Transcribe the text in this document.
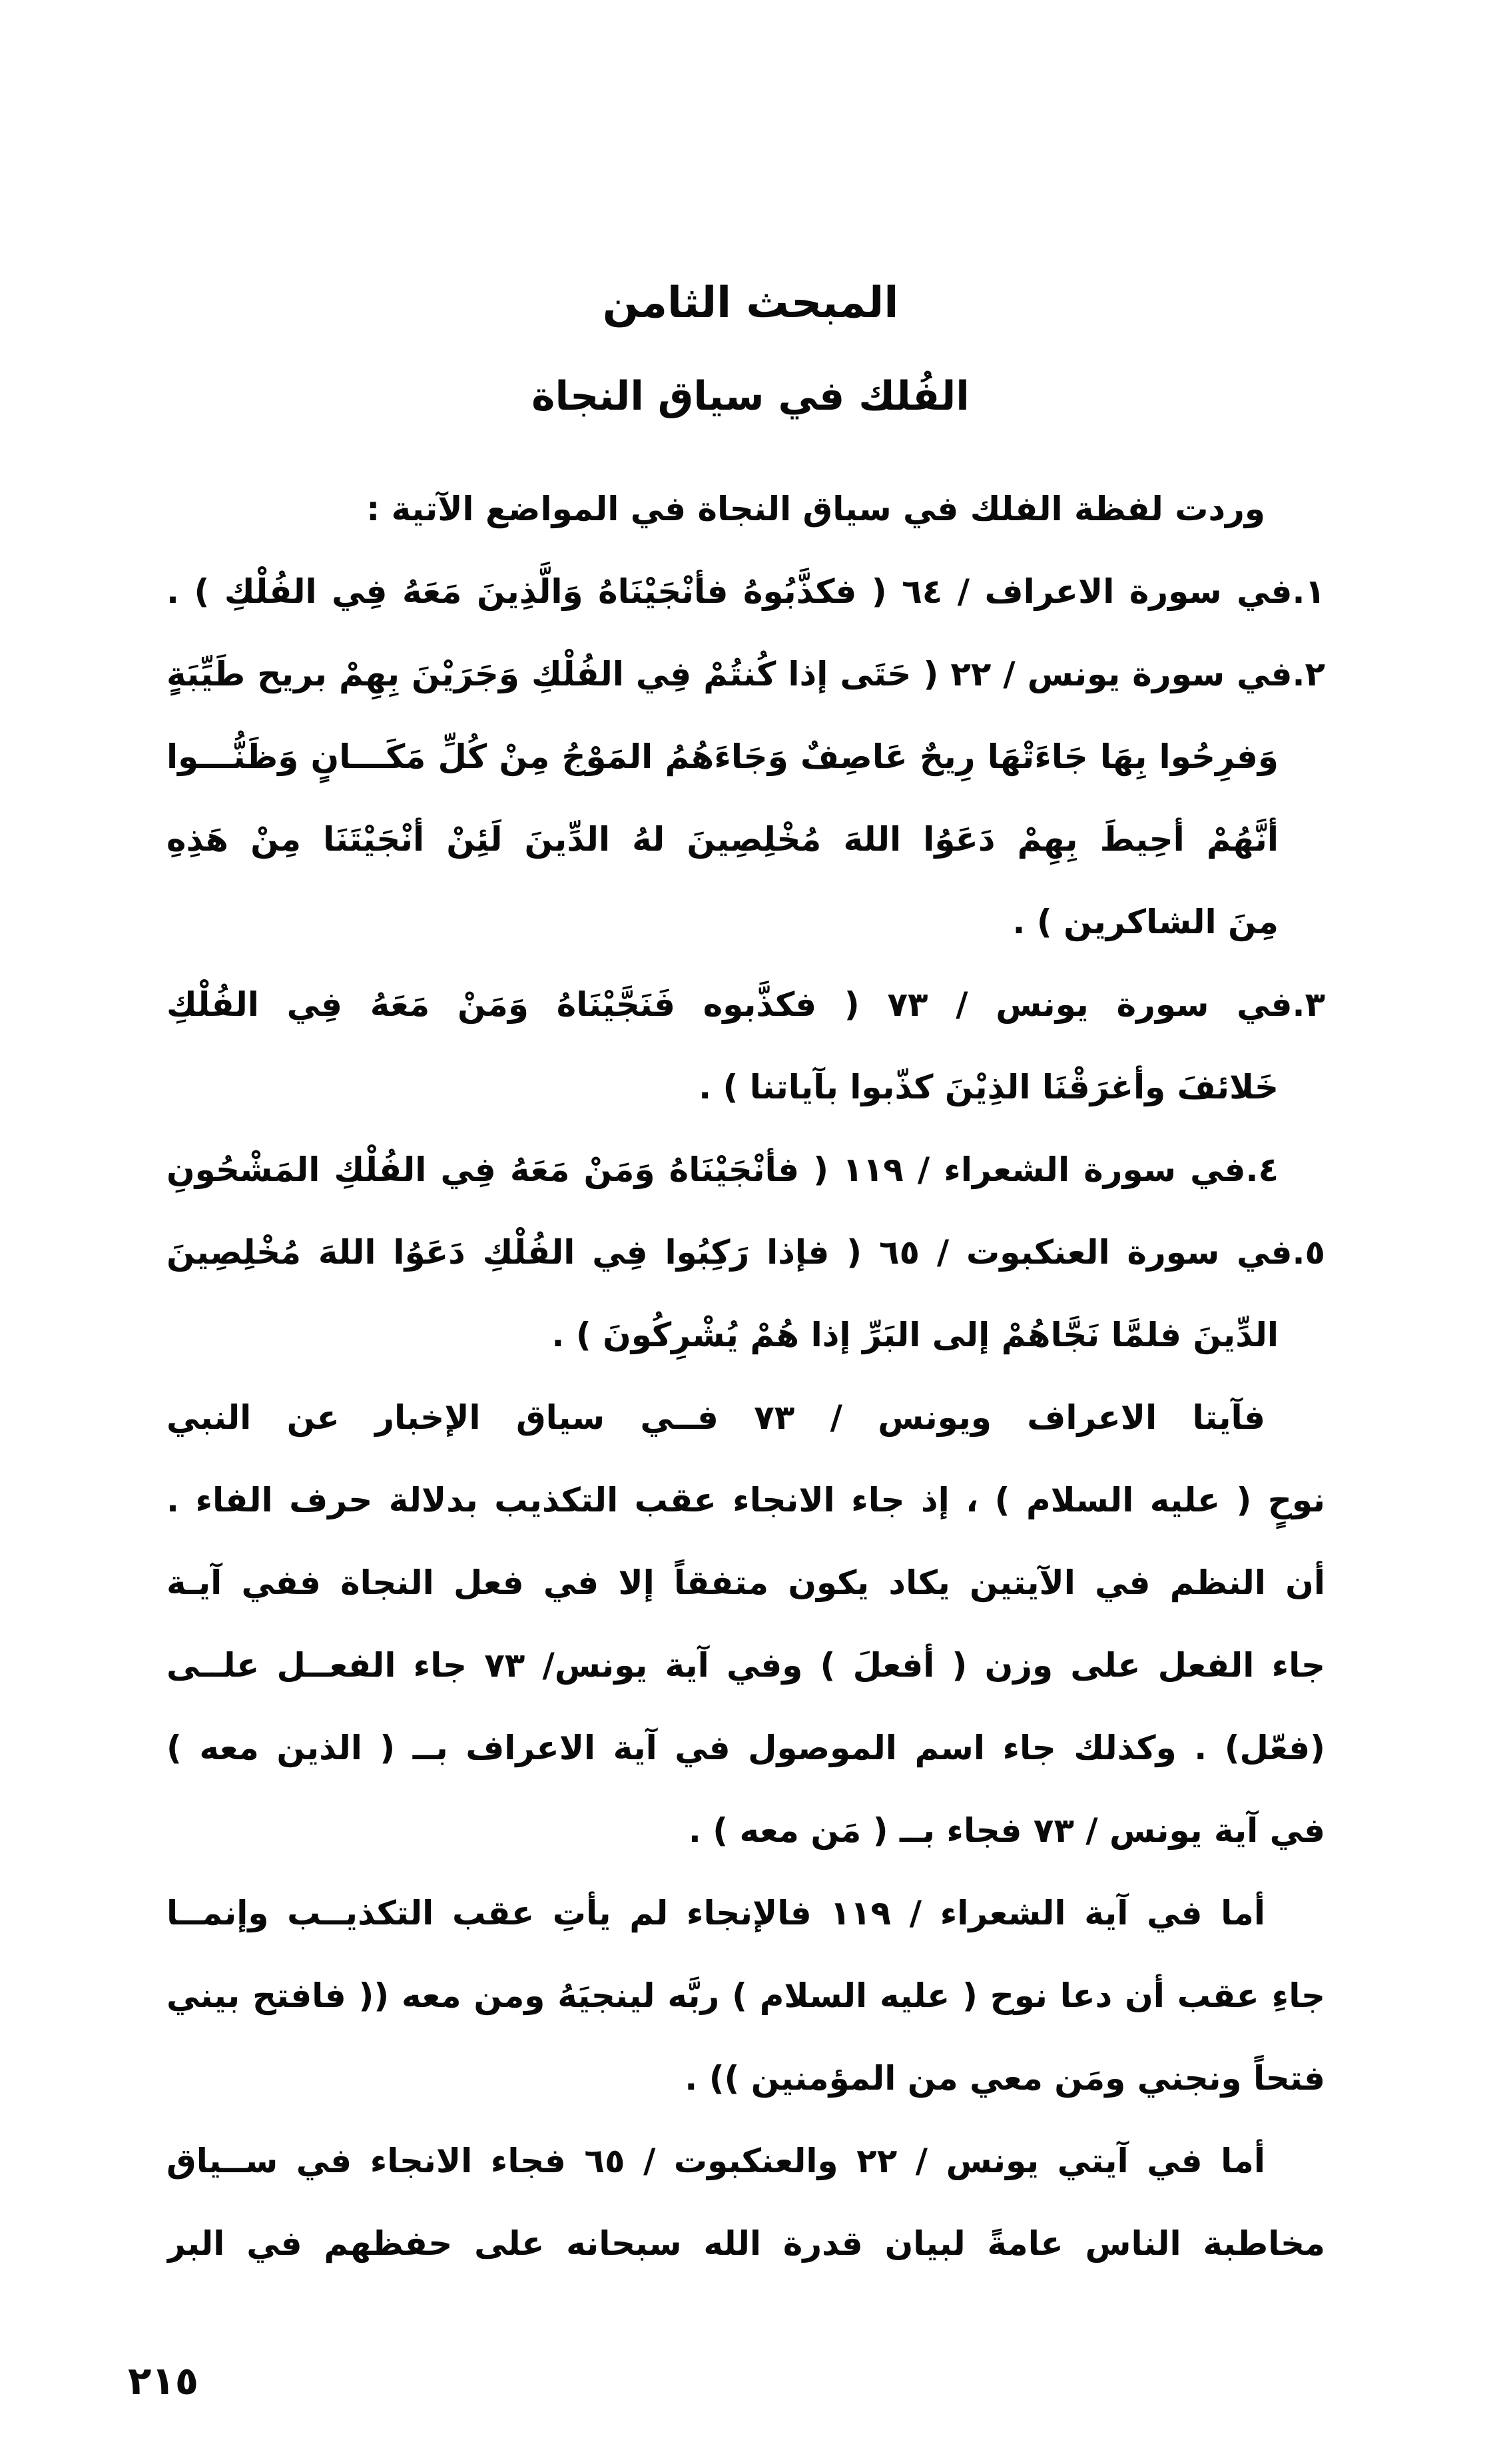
المبحث الثامن
الفُلك في سياق النجاة
وردت لفظة الفلك في سياق النجاة في المواضع الآتية :
١.في سورة الاعراف / ٦٤ ( فكذَّبُوهُ فأنْجَيْنَاهُ وَالَّذِينَ مَعَهُ فِي الفُلْكِ ) .
٢.في سورة يونس / ٢٢ ( حَتَى إذا كُنتُمْ فِي الفُلْكِ وَجَرَيْنَ بِهِمْ بريح طَيِّبَةٍ
وَفرِحُوا بِهَا جَاءَتْهَا رِيحٌ عَاصِفٌ وَجَاءَهُمُ المَوْجُ مِنْ كُلِّ مَكَـــانٍ وَظَنُّـــوا
أنَّهُمْ أحِيطَ بِهِمْ دَعَوُا اللهَ مُخْلِصِينَ لهُ الدِّينَ لَئِنْ أنْجَيْتَنَا مِنْ هَذِهِ
مِنَ الشاكرين ) .
٣.في سورة يونس / ٧٣ ( فكذَّبوه فَنَجَّيْنَاهُ وَمَنْ مَعَهُ فِي الفُلْكِ
خَلائفَ وأغرَقْنَا الذِيْنَ كذّبوا بآياتنا ) .
٤.في سورة الشعراء / ١١٩ ( فأنْجَيْنَاهُ وَمَنْ مَعَهُ فِي الفُلْكِ المَشْحُونِ
٥.في سورة العنكبوت / ٦٥ ( فإذا رَكِبُوا فِي الفُلْكِ دَعَوُا اللهَ مُخْلِصِينَ
الدِّينَ فلمَّا نَجَّاهُمْ إلى البَرِّ إذا هُمْ يُشْرِكُونَ ) .
فآيتا الاعراف ويونس / ٧٣ فــي سياق الإخبار عن النبي
نوحٍ ( عليه السلام ) ، إذ جاء الانجاء عقب التكذيب بدلالة حرف الفاء .
أن النظم في الآيتين يكاد يكون متفقاً إلا في فعل النجاة ففي آيـة
جاء الفعل على وزن ( أفعلَ ) وفي آية يونس/ ٧٣ جاء الفعــل علــى
(فعّل) . وكذلك جاء اسم الموصول في آية الاعراف بــ ( الذين معه )
في آية يونس / ٧٣ فجاء بــ ( مَن معه ) .
أما في آية الشعراء / ١١٩ فالإنجاء لم يأتِ عقب التكذيــب وإنمــا
جاءِ عقب أن دعا نوح ( عليه السلام ) ربَّه لينجيَهُ ومن معه (( فافتح بيني
فتحاً ونجني ومَن معي من المؤمنين )) .
أما في آيتي يونس / ٢٢ والعنكبوت / ٦٥ فجاء الانجاء في ســياق
مخاطبة الناس عامةً لبيان قدرة الله سبحانه على حفظهم في البر
٢١٥
